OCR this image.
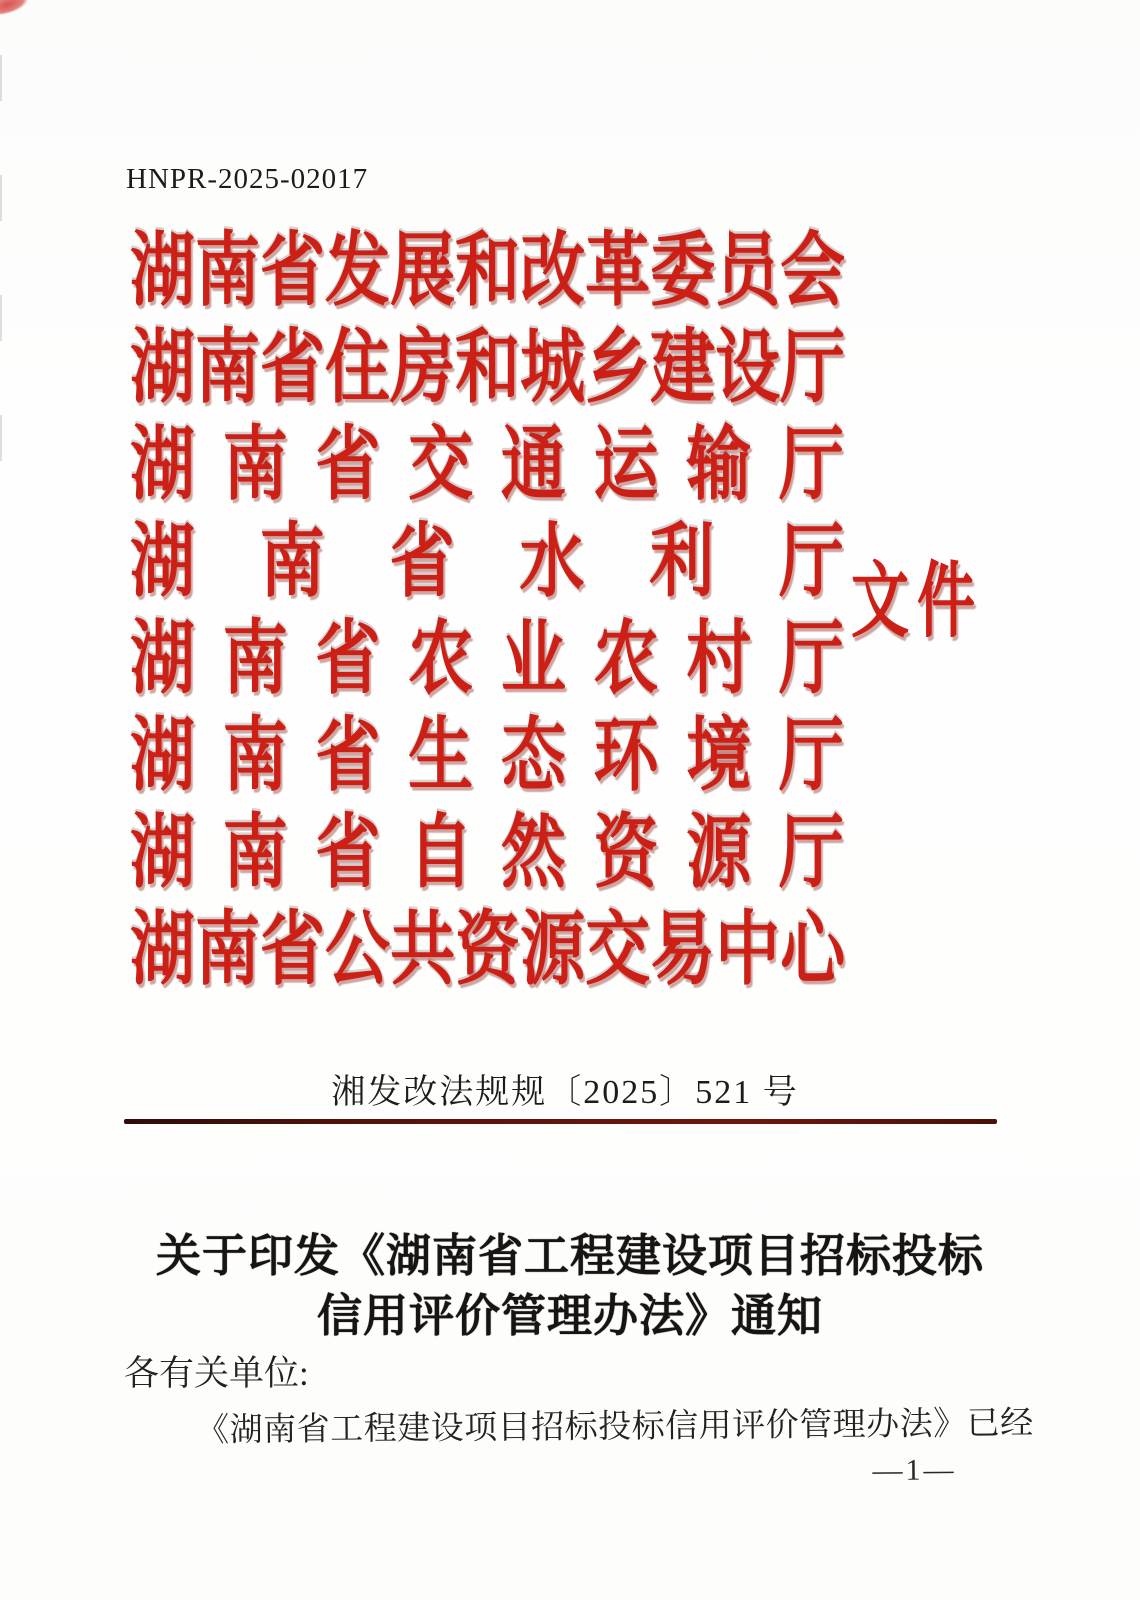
HNPR-2025-02017
湖 南 省 发 展 和 改 革 委 员 会
湖 南 省 住 房 和 城 乡 建 设 厅
湖 南 省 交 通 运 输 厅
湖 南 省 水 利 厅
湖 南 省 农 业 农 村 厅
湖 南 省 生 态 环 境 厅
湖 南 省 自 然 资 源 厅
湖 南 省 公 共 资 源 交 易 中 心
文 件
湘发改法规规〔2025〕521 号
关于印发《湖南省工程建设项目招标投标
信用评价管理办法》通知
各有关单位:
《湖南省工程建设项目招标投标信用评价管理办法》已经
—1—
